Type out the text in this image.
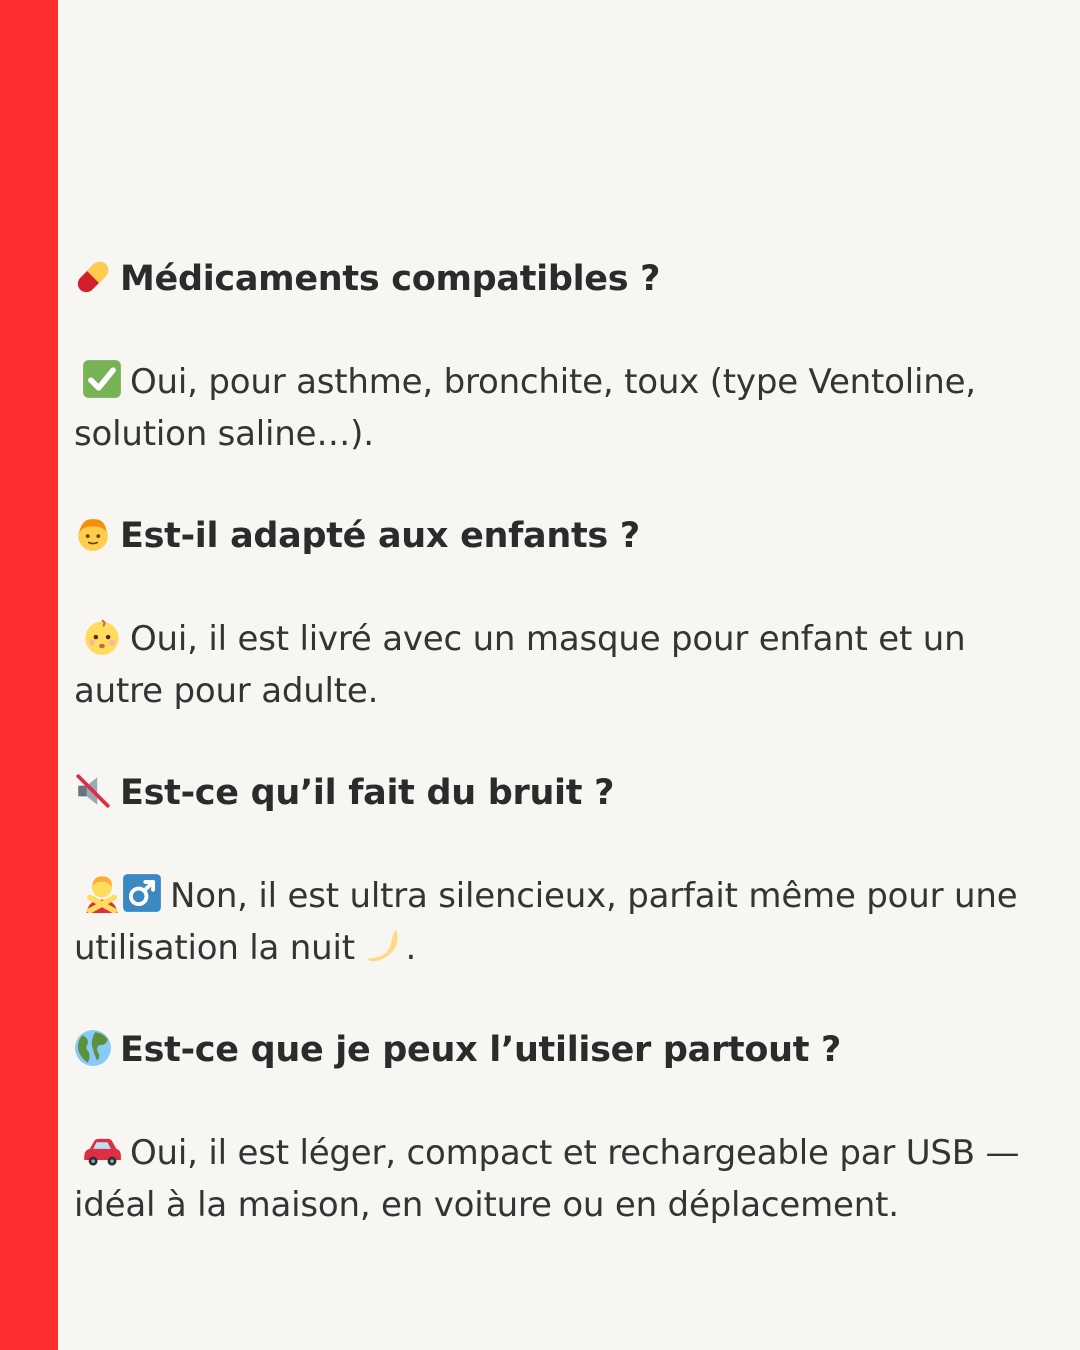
Médicaments compatibles ?
Oui, pour asthme, bronchite, toux (type Ventoline, solution saline…).
Est-il adapté aux enfants ?
Oui, il est livré avec un masque pour enfant et un autre pour adulte.
Est-ce qu’il fait du bruit ?
Non, il est ultra silencieux, parfait même pour une utilisation la nuit .
Est-ce que je peux l’utiliser partout ?
Oui, il est léger, compact et rechargeable par USB — idéal à la maison, en voiture ou en déplacement.
